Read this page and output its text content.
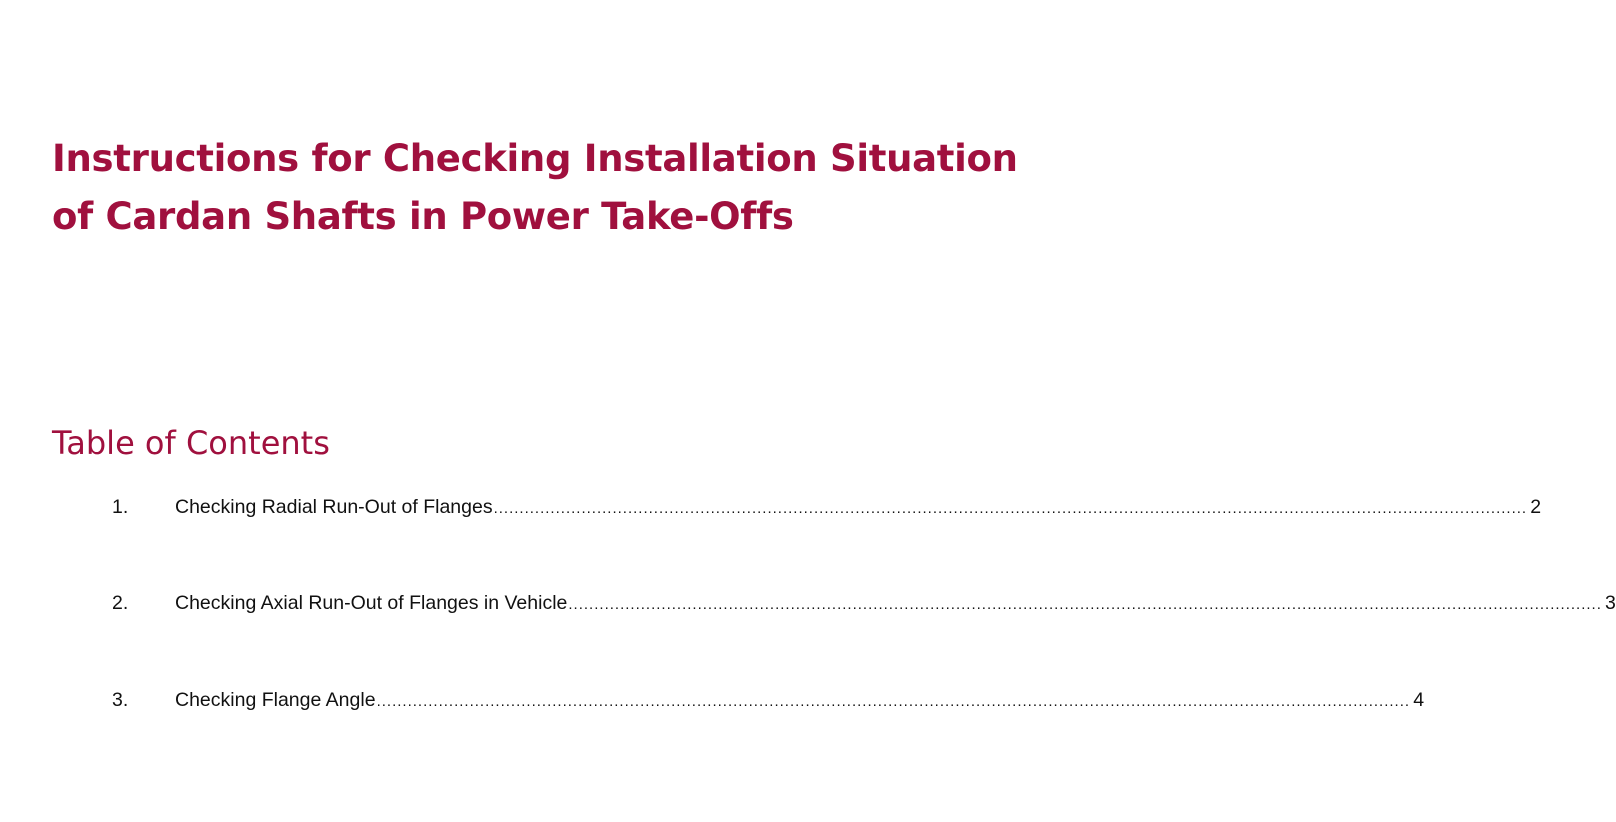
Instructions for Checking Installation Situation
of Cardan Shafts in Power Take-Offs
Table of Contents
1.	Checking Radial Run-Out of Flanges ........................................................................................................................................................................................................ 2
2.	Checking Axial Run-Out of Flanges in Vehicle ........................................................................................................................................................................................................ 3
3.	Checking Flange Angle ........................................................................................................................................................................................................ 4
